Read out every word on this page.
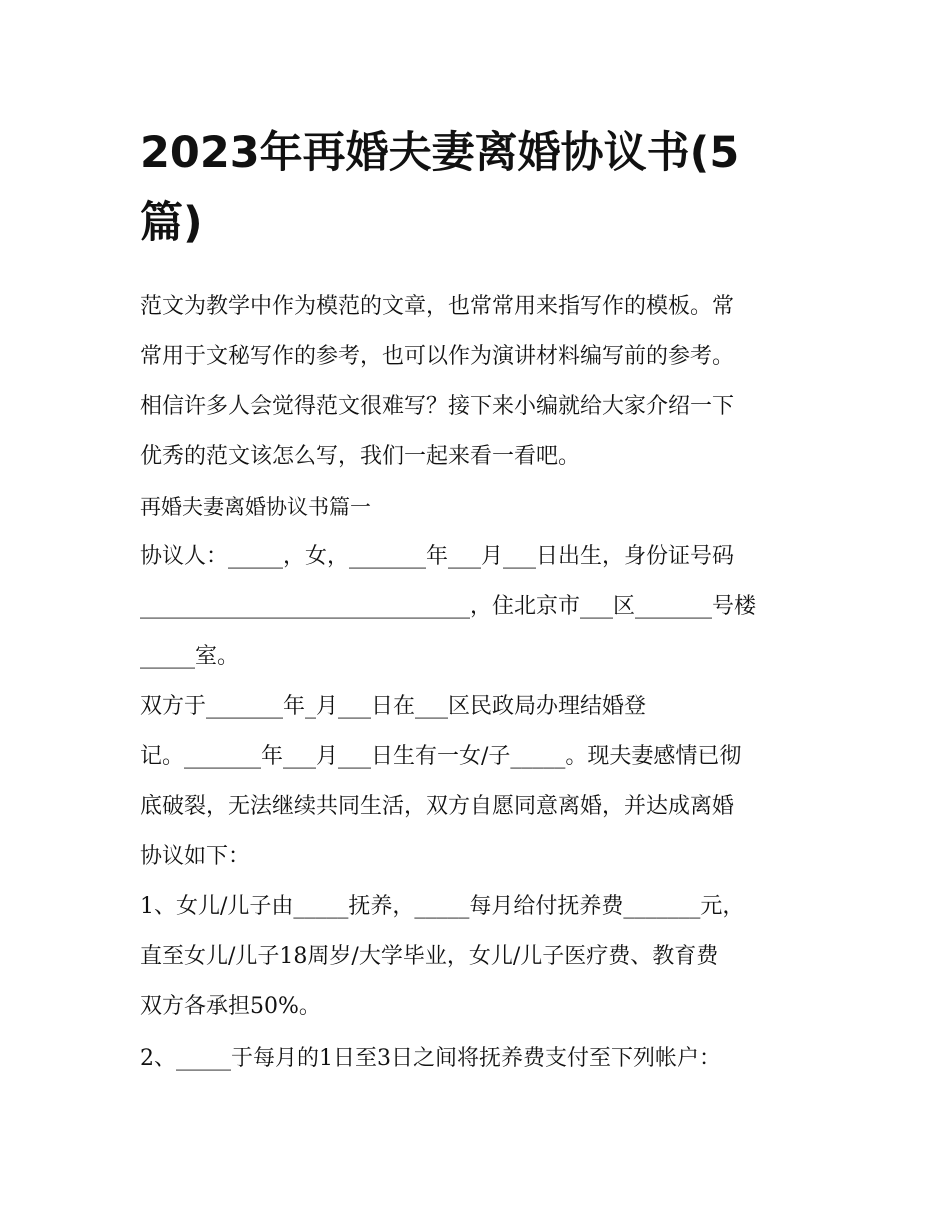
2023年再婚夫妻离婚协议书(5
篇)

范文为教学中作为模范的文章，也常常用来指写作的模板。常
常用于文秘写作的参考，也可以作为演讲材料编写前的参考。
相信许多人会觉得范文很难写？接下来小编就给大家介绍一下
优秀的范文该怎么写，我们一起来看一看吧。

再婚夫妻离婚协议书篇一

协议人：_____，女，_______年___月___日出生，身份证号码
______________________________，住北京市___区_______号楼
_____室。

双方于_______年_月___日在___区民政局办理结婚登
记。_______年___月___日生有一女/子_____。现夫妻感情已彻
底破裂，无法继续共同生活，双方自愿同意离婚，并达成离婚
协议如下：

1、女儿/儿子由_____抚养，_____每月给付抚养费_______元，
直至女儿/儿子18周岁/大学毕业，女儿/儿子医疗费、教育费
双方各承担50%。

2、_____于每月的1日至3日之间将抚养费支付至下列帐户：
